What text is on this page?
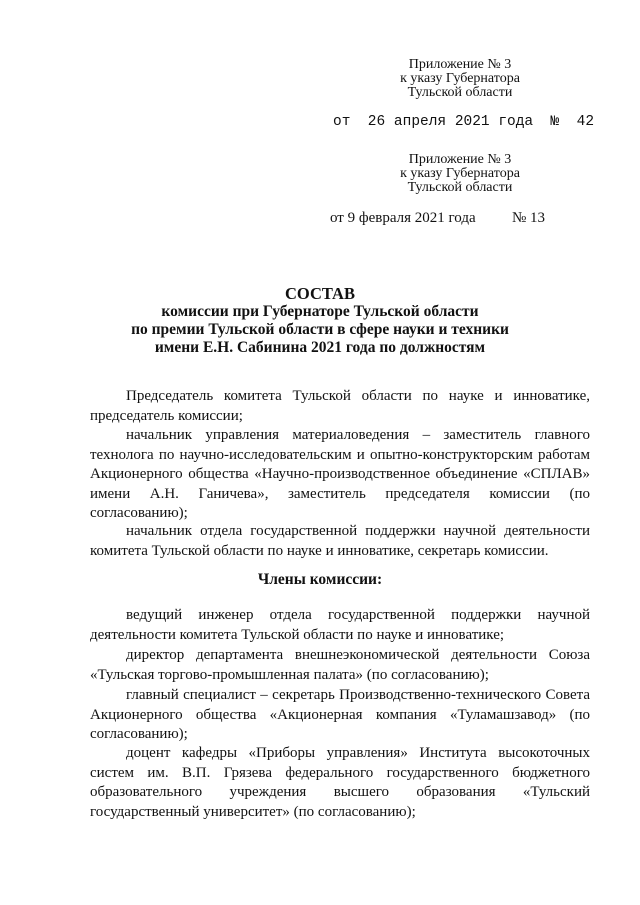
Приложение № 3
к указу Губернатора
Тульской области
от  26 апреля 2021 года  №  42
Приложение № 3
к указу Губернатора
Тульской области
от 9 февраля 2021 года № 13
СОСТАВ
комиссии при Губернаторе Тульской области
по премии Тульской области в сфере науки и техники
имени Е.Н. Сабинина 2021 года по должностям
Председатель комитета Тульской области по науке и инноватике, председатель комиссии;
начальник управления материаловедения – заместитель главного технолога по научно-исследовательским и опытно-конструкторским работам Акционерного общества «Научно-производственное объединение «СПЛАВ» имени А.Н. Ганичева», заместитель председателя комиссии (по согласованию);
начальник отдела государственной поддержки научной деятельности комитета Тульской области по науке и инноватике, секретарь комиссии.
Члены комиссии:
ведущий инженер отдела государственной поддержки научной деятельности комитета Тульской области по науке и инноватике;
директор департамента внешнеэкономической деятельности Союза «Тульская торгово-промышленная палата» (по согласованию);
главный специалист – секретарь Производственно-технического Совета Акционерного общества «Акционерная компания «Туламашзавод» (по согласованию);
доцент кафедры «Приборы управления» Института высокоточных систем им. В.П. Грязева федерального государственного бюджетного образовательного учреждения высшего образования «Тульский государственный университет» (по согласованию);
